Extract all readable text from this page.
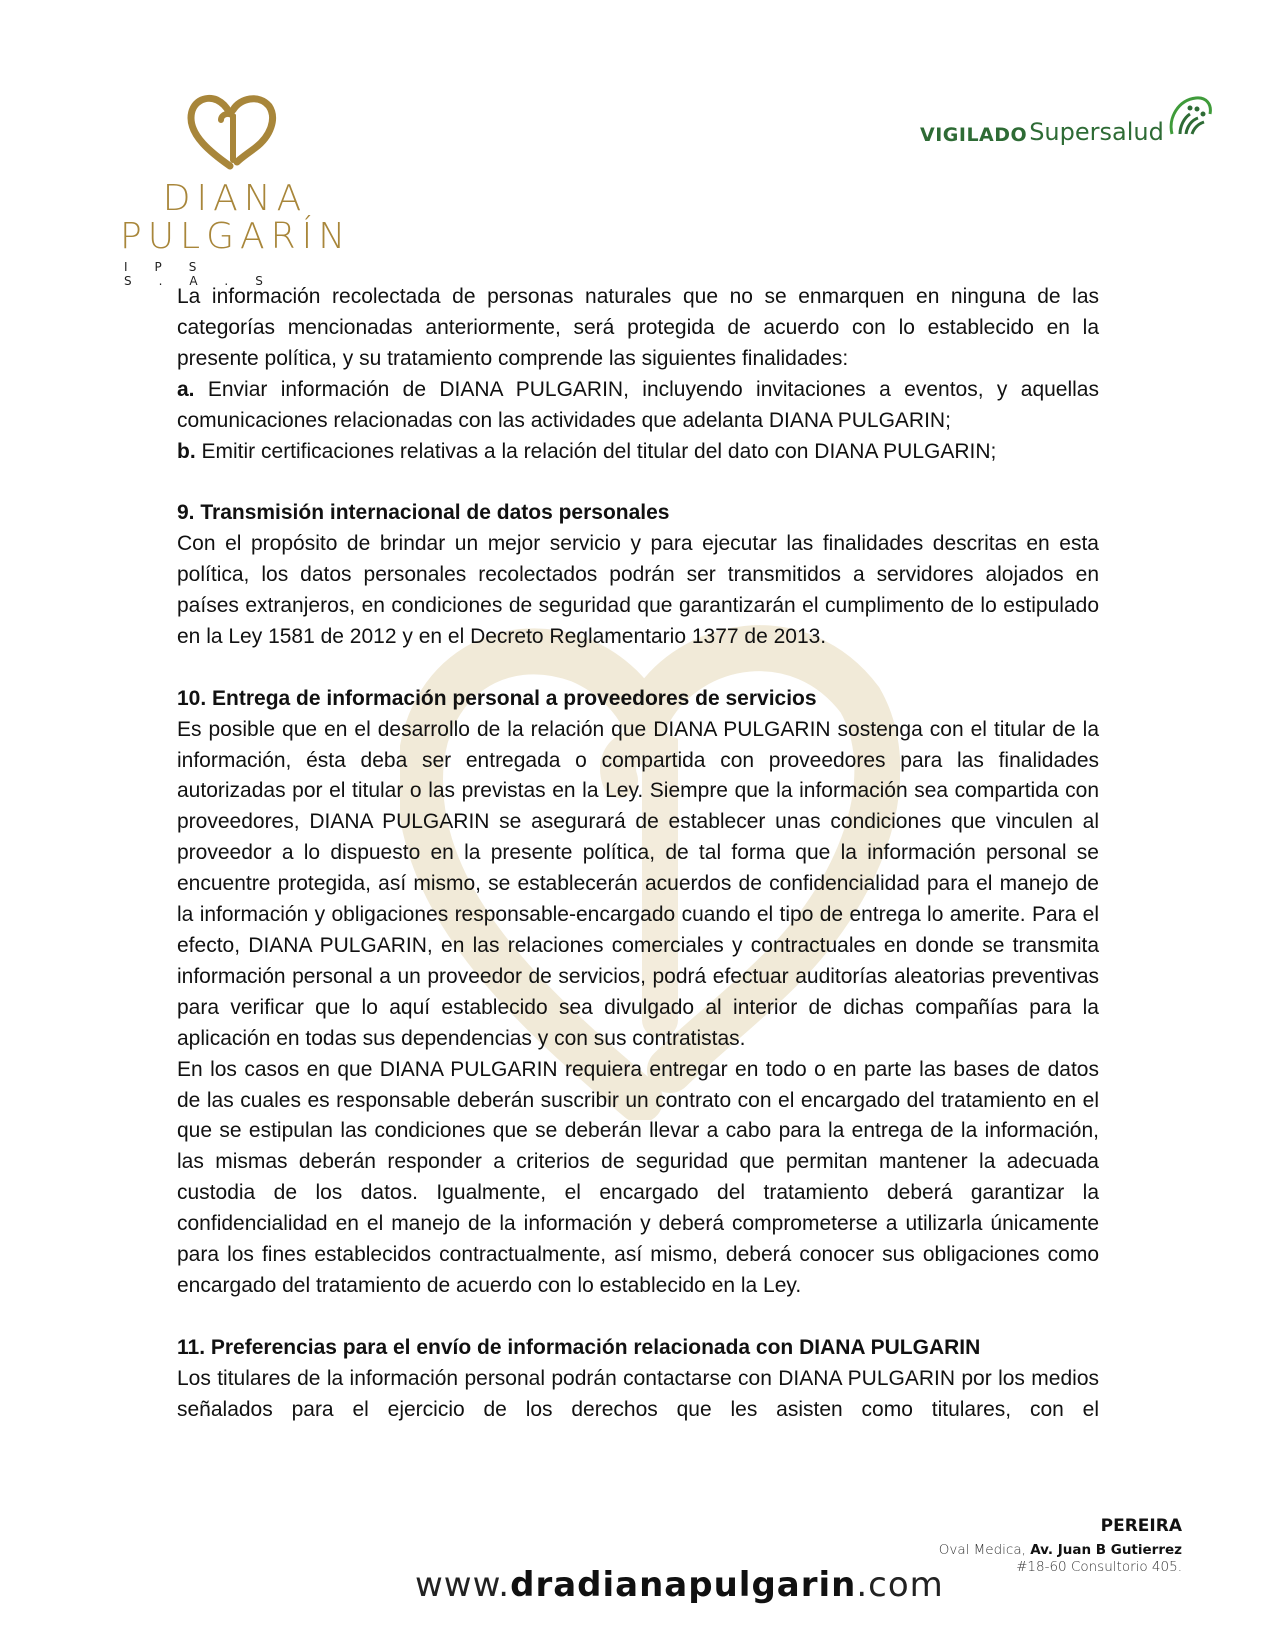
DIANA
PULGARÍN
IPS S.A.S
VIGILADO Supersalud

La información recolectada de personas naturales que no se enmarquen en ninguna de las categorías mencionadas anteriormente, será protegida de acuerdo con lo establecido en la presente política, y su tratamiento comprende las siguientes finalidades:

a. Enviar información de DIANA PULGARIN, incluyendo invitaciones a eventos, y aquellas comunicaciones relacionadas con las actividades que adelanta DIANA PULGARIN;

b. Emitir certificaciones relativas a la relación del titular del dato con DIANA PULGARIN;

9. Transmisión internacional de datos personales

Con el propósito de brindar un mejor servicio y para ejecutar las finalidades descritas en esta política, los datos personales recolectados podrán ser transmitidos a servidores alojados en países extranjeros, en condiciones de seguridad que garantizarán el cumplimento de lo estipulado en la Ley 1581 de 2012 y en el Decreto Reglamentario 1377 de 2013.

10. Entrega de información personal a proveedores de servicios

Es posible que en el desarrollo de la relación que DIANA PULGARIN sostenga con el titular de la información, ésta deba ser entregada o compartida con proveedores para las finalidades autorizadas por el titular o las previstas en la Ley. Siempre que la información sea compartida con proveedores, DIANA PULGARIN se asegurará de establecer unas condiciones que vinculen al proveedor a lo dispuesto en la presente política, de tal forma que la información personal se encuentre protegida, así mismo, se establecerán acuerdos de confidencialidad para el manejo de la información y obligaciones responsable-encargado cuando el tipo de entrega lo amerite. Para el efecto, DIANA PULGARIN, en las relaciones comerciales y contractuales en donde se transmita información personal a un proveedor de servicios, podrá efectuar auditorías aleatorias preventivas para verificar que lo aquí establecido sea divulgado al interior de dichas compañías para la aplicación en todas sus dependencias y con sus contratistas.

En los casos en que DIANA PULGARIN requiera entregar en todo o en parte las bases de datos de las cuales es responsable deberán suscribir un contrato con el encargado del tratamiento en el que se estipulan las condiciones que se deberán llevar a cabo para la entrega de la información, las mismas deberán responder a criterios de seguridad que permitan mantener la adecuada custodia de los datos. Igualmente, el encargado del tratamiento deberá garantizar la confidencialidad en el manejo de la información y deberá comprometerse a utilizarla únicamente para los fines establecidos contractualmente, así mismo, deberá conocer sus obligaciones como encargado del tratamiento de acuerdo con lo establecido en la Ley.

11. Preferencias para el envío de información relacionada con DIANA PULGARIN

Los titulares de la información personal podrán contactarse con DIANA PULGARIN por los medios señalados para el ejercicio de los derechos que les asisten como titulares, con el

PEREIRA
Oval Medica, Av. Juan B Gutierrez
#18-60 Consultorio 405.
www.dradianapulgarin.com
